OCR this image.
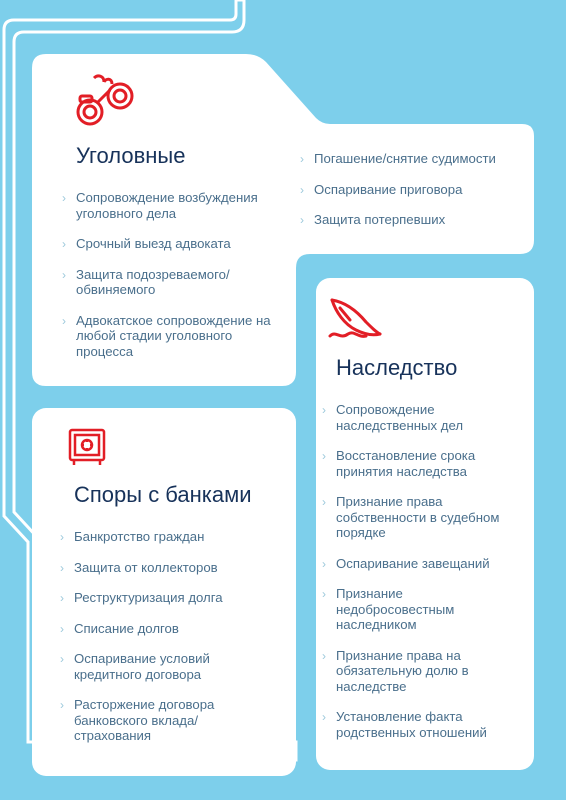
Уголовные
› Сопровождение возбуждения уголовного дела
› Срочный выезд адвоката
› Защита подозреваемого/ обвиняемого
› Адвокатское сопровождение на любой стадии уголовного процесса
› Погашение/снятие судимости
› Оспаривание приговора
› Защита потерпевших
Наследство
› Сопровождение наследственных дел
› Восстановление срока принятия наследства
› Признание права собственности в судебном порядке
› Оспаривание завещаний
› Признание недобросовестным наследником
› Признание права на обязательную долю в наследстве
› Установление факта родственных отношений
Споры с банками
› Банкротство граждан
› Защита от коллекторов
› Реструктуризация долга
› Списание долгов
› Оспаривание условий кредитного договора
› Расторжение договора банковского вклада/ страхования
